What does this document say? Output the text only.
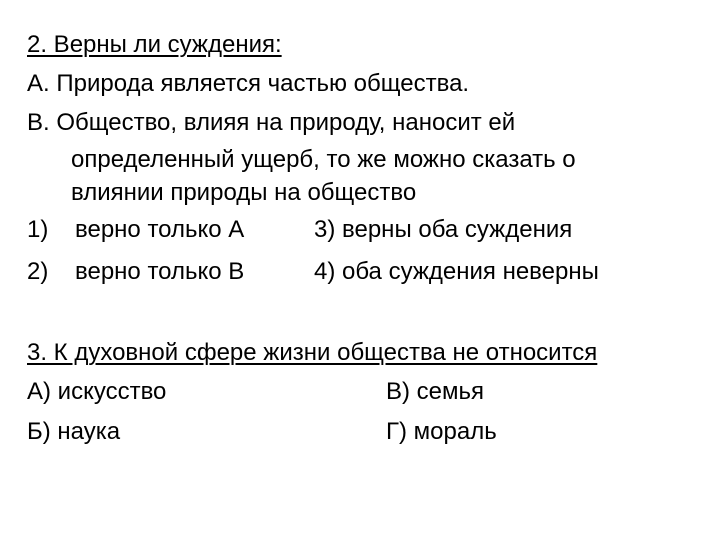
2. Верны ли суждения:
А. Природа является частью общества.
В. Общество, влияя на природу, наносит ей
определенный ущерб, то же можно сказать о
влиянии природы на общество
1) верно только А
2) верно только В
3) верны оба суждения
4) оба суждения неверны
3. К духовной сфере жизни общества не относится
А) искусство	В) семья
Б) наука	Г) мораль
